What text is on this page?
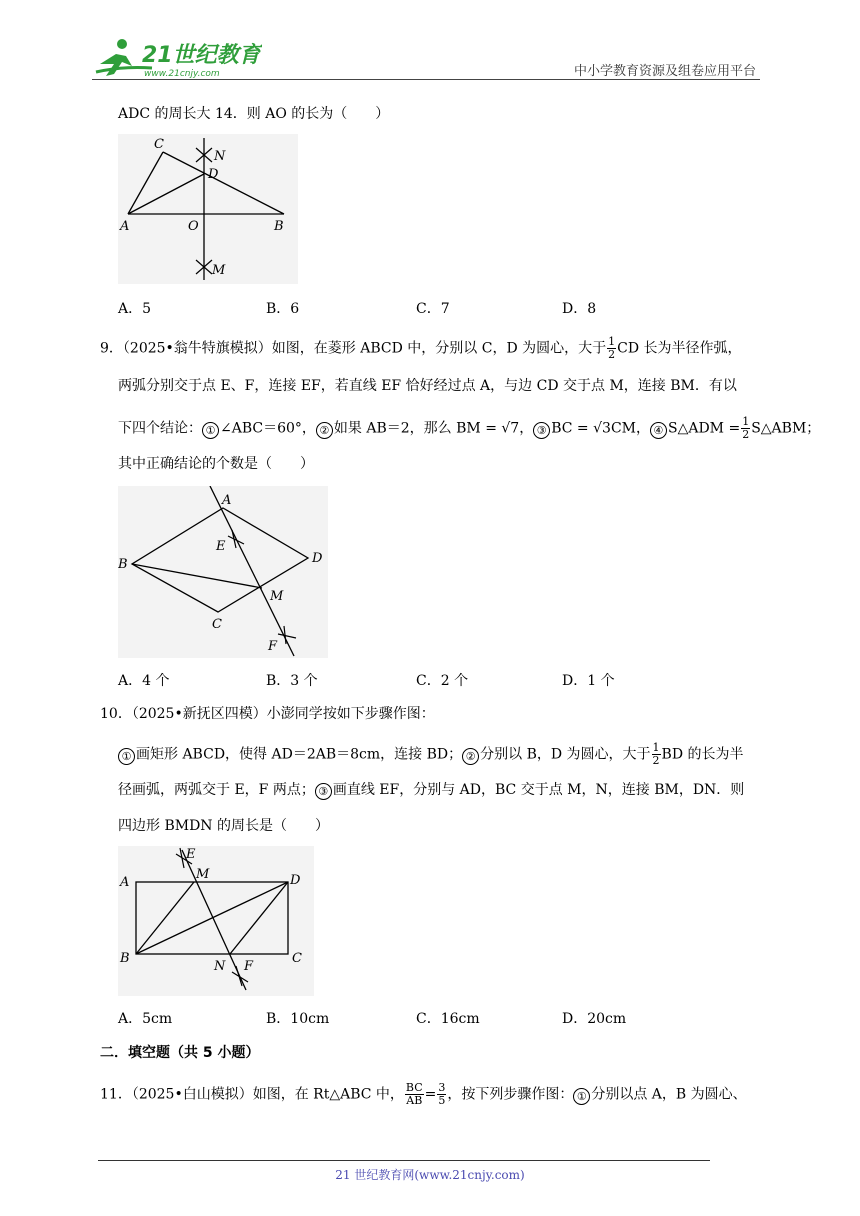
21世纪教育
www.21cnjy.com	中小学教育资源及组卷应用平台
ADC 的周长大 14．则 AO 的长为（　　）
C
N
D
A	O	B
M
A．5	B．6	C．7	D．8
9．（2025•翁牛特旗模拟）如图，在菱形 ABCD 中，分别以 C，D 为圆心，大于 $\frac{1}{2}$ CD 长为半径作弧，
两弧分别交于点 E、F，连接 EF，若直线 EF 恰好经过点 A，与边 CD 交于点 M，连接 BM．有以
下四个结论： ① ∠ABC＝60°， ② 如果 AB＝2，那么 BM = √7， ③ BC = √3CM， ④ S△ADM = $\frac{1}{2}$ S△ABM；
其中正确结论的个数是（　　）
A
E
B	D
M
C
F
A．4 个	B．3 个	C．2 个	D．1 个
10．（2025•新抚区四模）小澎同学按如下步骤作图：
① 画矩形 ABCD，使得 AD＝2AB＝8cm，连接 BD； ② 分别以 B，D 为圆心，大于 $\frac{1}{2}$ BD 的长为半
径画弧，两弧交于 E，F 两点； ③ 画直线 EF，分别与 AD，BC 交于点 M，N，连接 BM，DN．则
四边形 BMDN 的周长是（　　）
E
A
M	D
B
N F
C
A．5cm	B．10cm	C．16cm	D．20cm
二．填空题（共 5 小题）
11．（2025•白山模拟）如图，在 Rt△ABC 中， $\frac{BC}{AB} = \frac{3}{5}$ ，按下列步骤作图： ① 分别以点 A，B 为圆心、
21 世纪教育网(www.21cnjy.com)
